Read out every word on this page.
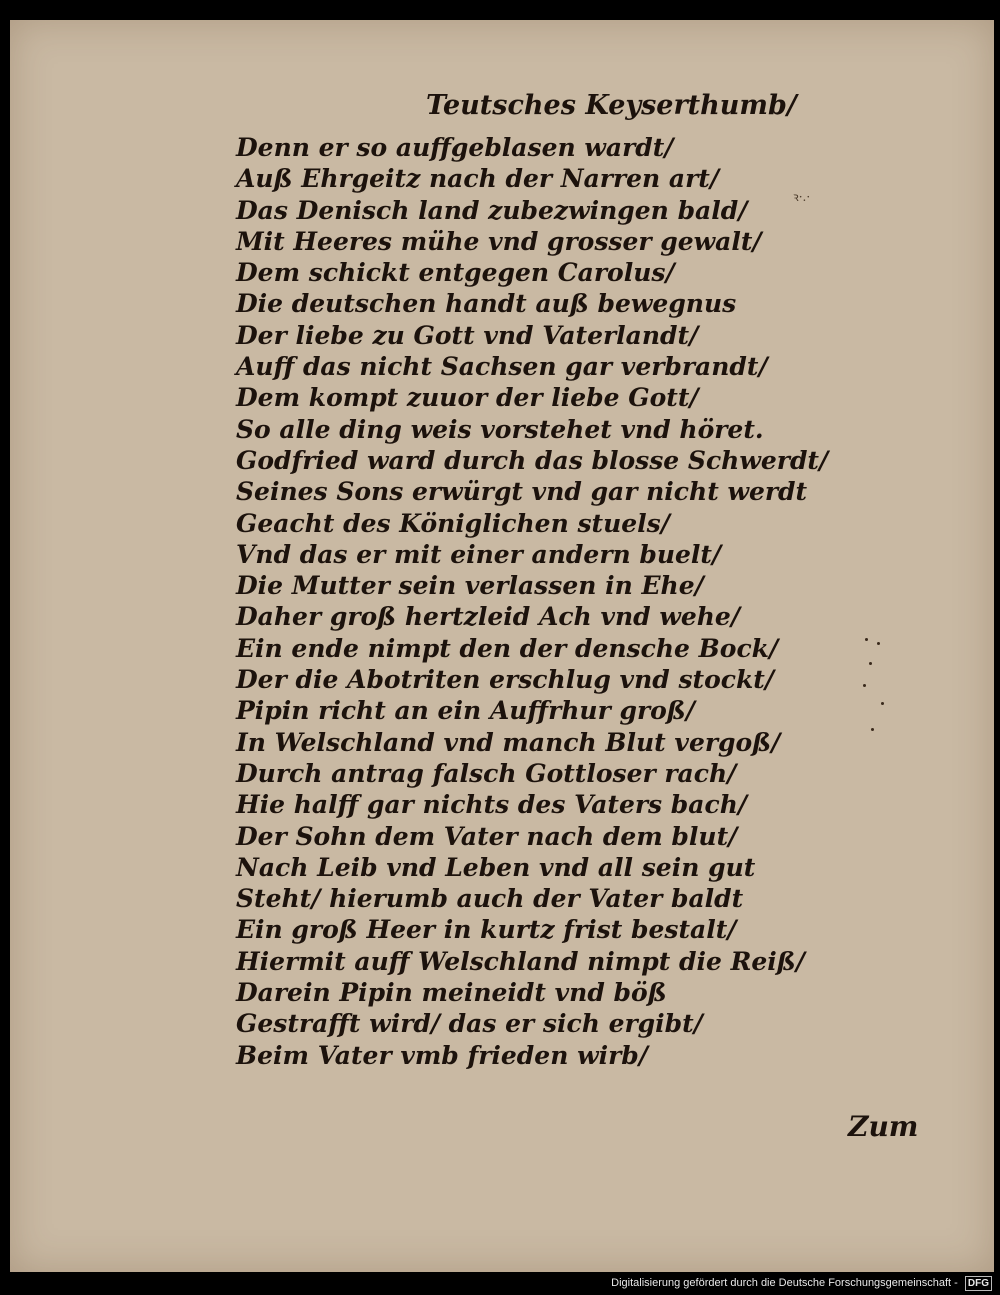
Teutsches Keyserthumb/
ꝛ·.·
Denn er so auffgeblasen wardt/
Auß Ehrgeitz nach der Narren art/
Das Denisch land zubezwingen bald/
Mit Heeres mühe vnd grosser gewalt/
Dem schickt entgegen Carolus/
Die deutschen handt auß bewegnus
Der liebe zu Gott vnd Vaterlandt/
Auff das nicht Sachsen gar verbrandt/
Dem kompt zuuor der liebe Gott/
So alle ding weis vorstehet vnd höret.
Godfried ward durch das blosse Schwerdt/
Seines Sons erwürgt vnd gar nicht werdt
Geacht des Königlichen stuels/
Vnd das er mit einer andern buelt/
Die Mutter sein verlassen in Ehe/
Daher groß hertzleid Ach vnd wehe/
Ein ende nimpt den der densche Bock/
Der die Abotriten erschlug vnd stockt/
Pipin richt an ein Auffrhur groß/
In Welschland vnd manch Blut vergoß/
Durch antrag falsch Gottloser rach/
Hie halff gar nichts des Vaters bach/
Der Sohn dem Vater nach dem blut/
Nach Leib vnd Leben vnd all sein gut
Steht/ hierumb auch der Vater baldt
Ein groß Heer in kurtz frist bestalt/
Hiermit auff Welschland nimpt die Reiß/
Darein Pipin meineidt vnd böß
Gestrafft wird/ das er sich ergibt/
Beim Vater vmb frieden wirb/
Zum
Digitalisierung gefördert durch die Deutsche Forschungsgemeinschaft - DFG
